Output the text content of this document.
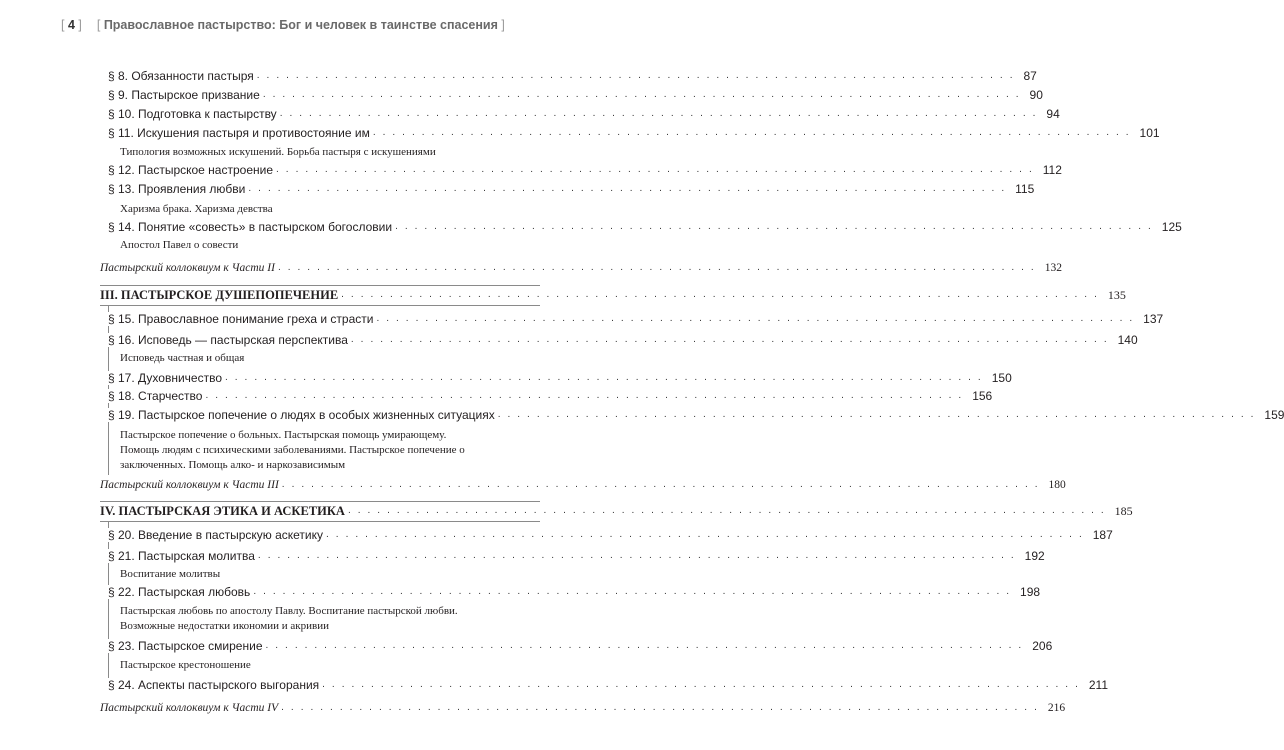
[ 4 ] [ Православное пастырство: Бог и человек в таинстве спасения ]
§ 8. Обязанности пастыря .............................................................................. 87
§ 9. Пастырское призвание .............................................................................. 90
§ 10. Подготовка к пастырству .............................................................................. 94
§ 11. Искушения пастыря и противостояние им .............................................................................. 101
Типология возможных искушений. Борьба пастыря с искушениями
§ 12. Пастырское настроение .............................................................................. 112
§ 13. Проявления любви .............................................................................. 115
Харизма брака. Харизма девства
§ 14. Понятие «совесть» в пастырском богословии .............................................................................. 125
Апостол Павел о совести
Пастырский коллоквиум к Части II .............................................................................. 132
III. ПАСТЫРСКОЕ ДУШЕПОПЕЧЕНИЕ .............................................................................. 135
§ 15. Православное понимание греха и страсти .............................................................................. 137
§ 16. Исповедь — пастырская перспектива .............................................................................. 140
Исповедь частная и общая
§ 17. Духовничество .............................................................................. 150
§ 18. Старчество .............................................................................. 156
§ 19. Пастырское попечение о людях в особых жизненных ситуациях .............................................................................. 159
Пастырское попечение о больных. Пастырская помощь умирающему. Помощь людям с психическими заболеваниями. Пастырское попечение о заключенных. Помощь алко- и наркозависимым
Пастырский коллоквиум к Части III .............................................................................. 180
IV. ПАСТЫРСКАЯ ЭТИКА И АСКЕТИКА .............................................................................. 185
§ 20. Введение в пастырскую аскетику .............................................................................. 187
§ 21. Пастырская молитва .............................................................................. 192
Воспитание молитвы
§ 22. Пастырская любовь .............................................................................. 198
Пастырская любовь по апостолу Павлу. Воспитание пастырской любви. Возможные недостатки икономии и акривии
§ 23. Пастырское смирение .............................................................................. 206
Пастырское крестоношение
§ 24. Аспекты пастырского выгорания .............................................................................. 211
Пастырский коллоквиум к Части IV .............................................................................. 216
